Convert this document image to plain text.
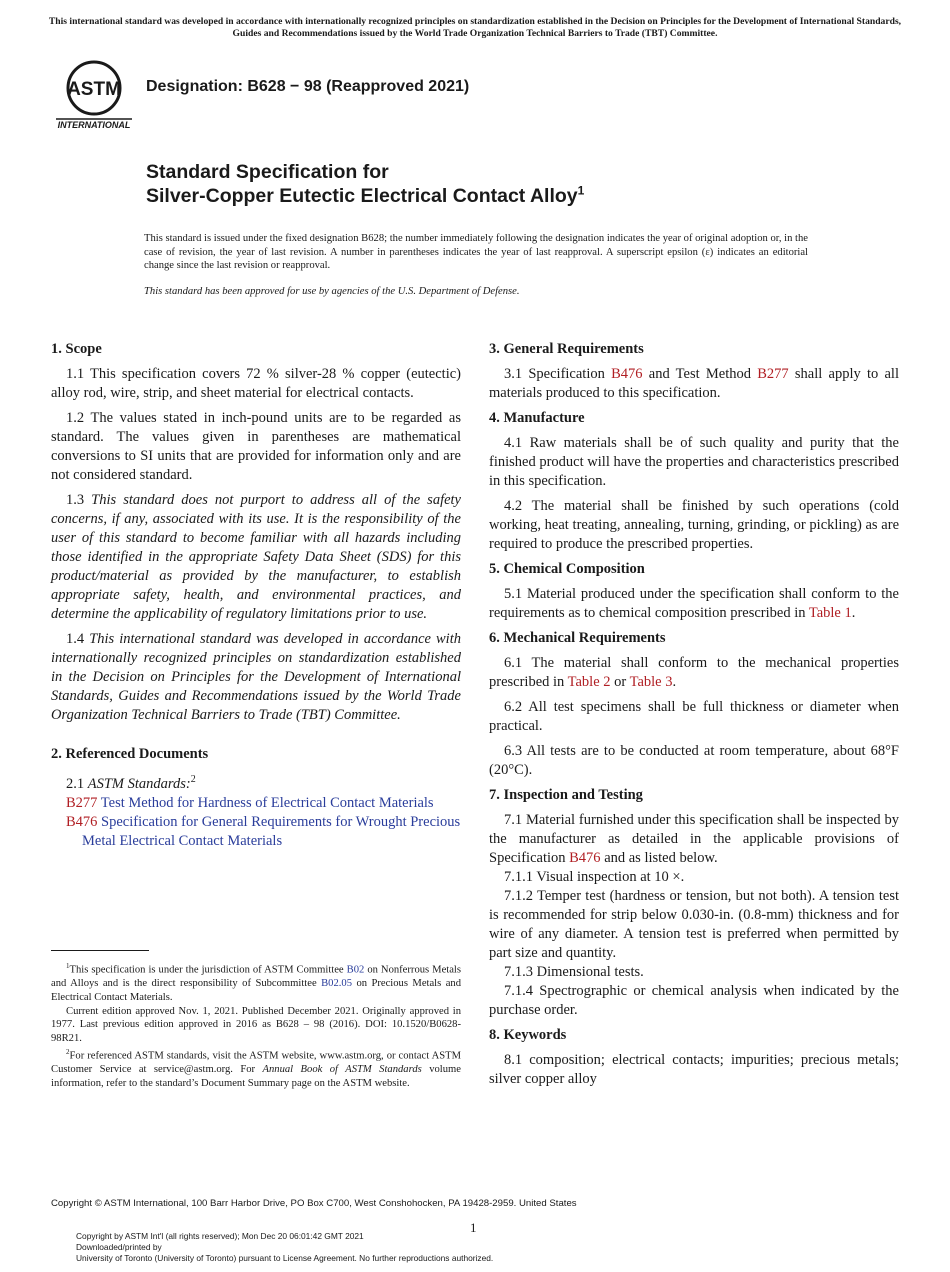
This international standard was developed in accordance with internationally recognized principles on standardization established in the Decision on Principles for the Development of International Standards, Guides and Recommendations issued by the World Trade Organization Technical Barriers to Trade (TBT) Committee.
ASTM
INTERNATIONAL
Designation: B628 − 98 (Reapproved 2021)
Standard Specification for
Silver-Copper Eutectic Electrical Contact Alloy$^1$
This standard is issued under the fixed designation B628; the number immediately following the designation indicates the year of original adoption or, in the case of revision, the year of last revision. A number in parentheses indicates the year of last reapproval. A superscript epsilon (ε) indicates an editorial change since the last revision or reapproval.
This standard has been approved for use by agencies of the U.S. Department of Defense.
1. Scope

1.1 This specification covers 72 % silver-28 % copper (eutectic) alloy rod, wire, strip, and sheet material for electrical contacts.

1.2 The values stated in inch-pound units are to be regarded as standard. The values given in parentheses are mathematical conversions to SI units that are provided for information only and are not considered standard.

1.3 This standard does not purport to address all of the safety concerns, if any, associated with its use. It is the responsibility of the user of this standard to become familiar with all hazards including those identified in the appropriate Safety Data Sheet (SDS) for this product/material as provided by the manufacturer, to establish appropriate safety, health, and environmental practices, and determine the applicability of regulatory limitations prior to use.

1.4 This international standard was developed in accordance with internationally recognized principles on standardization established in the Decision on Principles for the Development of International Standards, Guides and Recommendations issued by the World Trade Organization Technical Barriers to Trade (TBT) Committee.

2. Referenced Documents

2.1 ASTM Standards:$^2$

B277 Test Method for Hardness of Electrical Contact Materials

B476 Specification for General Requirements for Wrought Precious Metal Electrical Contact Materials

$^1$This specification is under the jurisdiction of ASTM Committee B02 on Nonferrous Metals and Alloys and is the direct responsibility of Subcommittee B02.05 on Precious Metals and Electrical Contact Materials.

Current edition approved Nov. 1, 2021. Published December 2021. Originally approved in 1977. Last previous edition approved in 2016 as B628 – 98 (2016). DOI: 10.1520/B0628-98R21.

$^2$For referenced ASTM standards, visit the ASTM website, www.astm.org, or contact ASTM Customer Service at service@astm.org. For Annual Book of ASTM Standards volume information, refer to the standard’s Document Summary page on the ASTM website.

3. General Requirements

3.1 Specification B476 and Test Method B277 shall apply to all materials produced to this specification.

4. Manufacture

4.1 Raw materials shall be of such quality and purity that the finished product will have the properties and characteristics prescribed in this specification.

4.2 The material shall be finished by such operations (cold working, heat treating, annealing, turning, grinding, or pickling) as are required to produce the prescribed properties.

5. Chemical Composition

5.1 Material produced under the specification shall conform to the requirements as to chemical composition prescribed in Table 1.

6. Mechanical Requirements

6.1 The material shall conform to the mechanical properties prescribed in Table 2 or Table 3.

6.2 All test specimens shall be full thickness or diameter when practical.

6.3 All tests are to be conducted at room temperature, about 68°F (20°C).

7. Inspection and Testing

7.1 Material furnished under this specification shall be inspected by the manufacturer as detailed in the applicable provisions of Specification B476 and as listed below.

7.1.1 Visual inspection at 10 ×.

7.1.2 Temper test (hardness or tension, but not both). A tension test is recommended for strip below 0.030-in. (0.8-mm) thickness and for wire of any diameter. A tension test is preferred when permitted by part size and quantity.

7.1.3 Dimensional tests.

7.1.4 Spectrographic or chemical analysis when indicated by the purchase order.

8. Keywords

8.1 composition; electrical contacts; impurities; precious metals; silver copper alloy

Copyright © ASTM International, 100 Barr Harbor Drive, PO Box C700, West Conshohocken, PA 19428-2959. United States
1
Copyright by ASTM Int'l (all rights reserved); Mon Dec 20 06:01:42 GMT 2021
Downloaded/printed by
University of Toronto (University of Toronto) pursuant to License Agreement. No further reproductions authorized.
